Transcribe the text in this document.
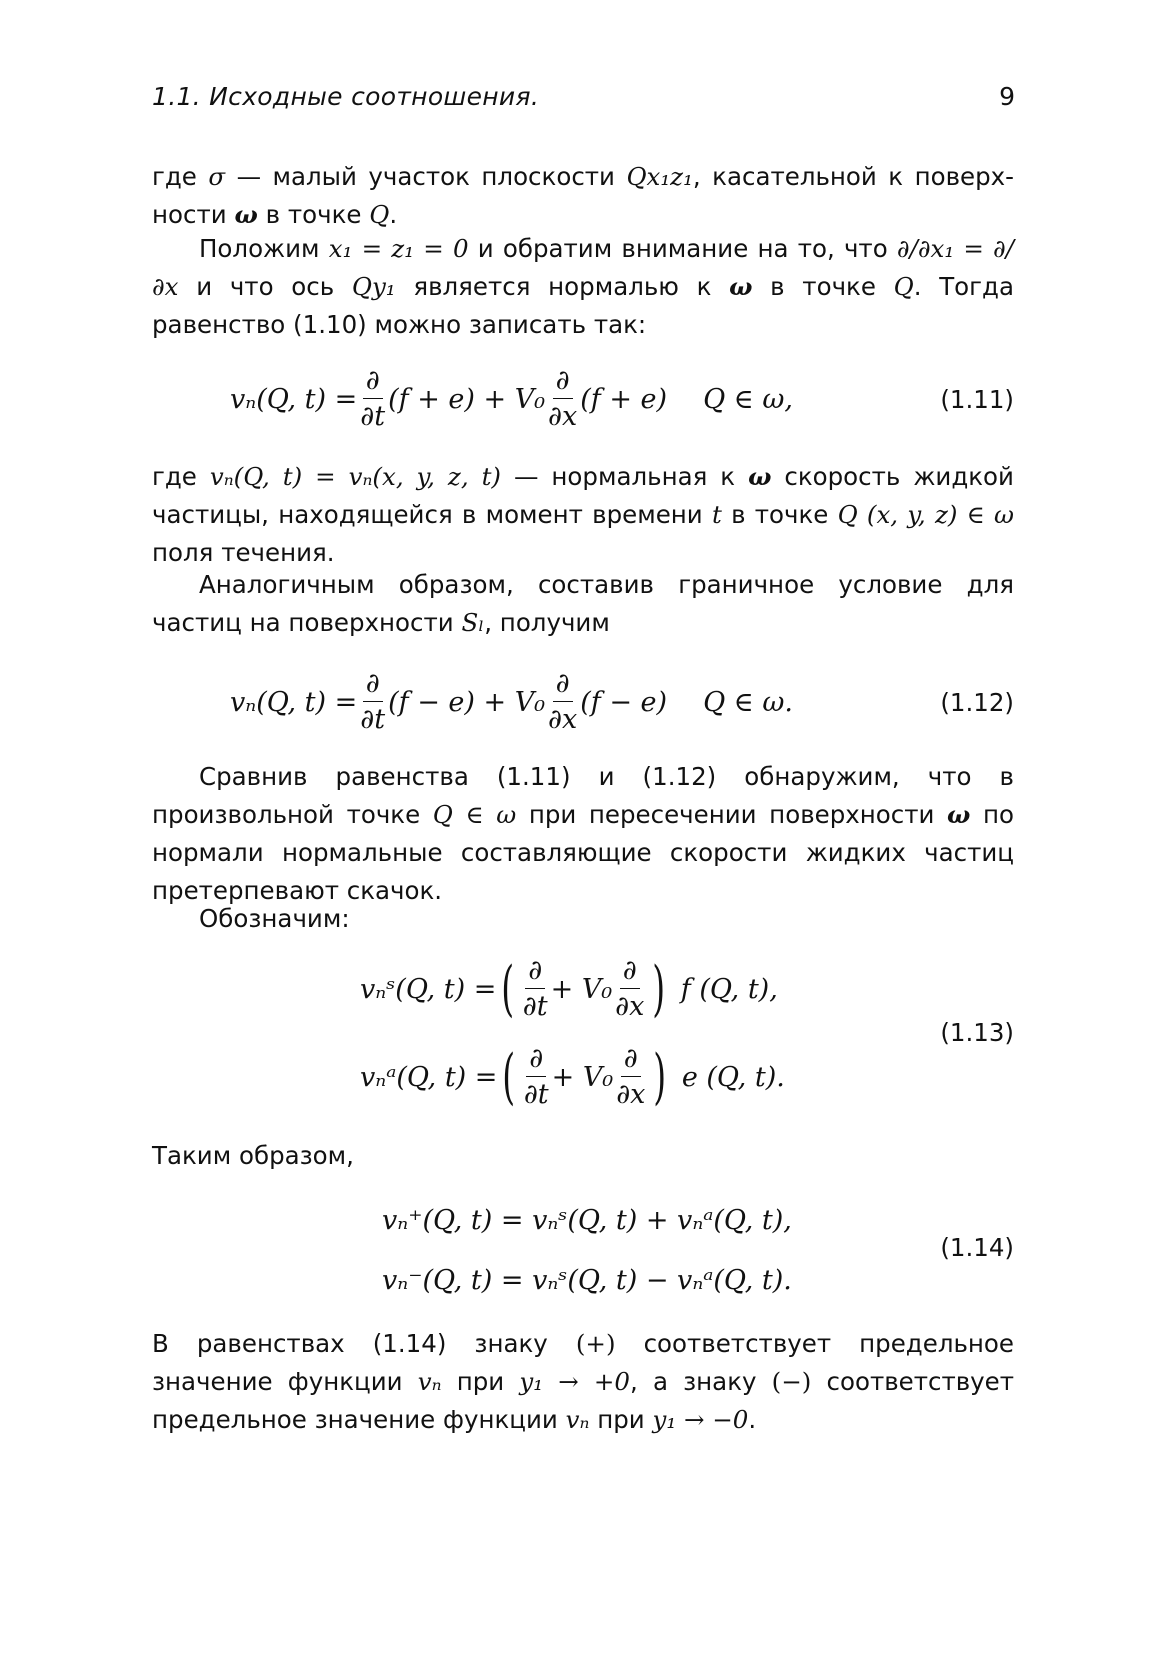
1.1. Исходные соотношения.	9

где σ — малый участок плоскости Qx₁z₁, касательной к поверх-ности ω в точке Q.

Положим x₁ = z₁ = 0 и обратим внимание на то, что ∂/∂x₁ = ∂/∂x и что ось Qy₁ является нормалью к ω в точке Q. Тогда равенство (1.10) можно записать так:

vₙ(Q, $t) = \frac{\partial}{\partial t} (f + e) + V_0 \frac{\partial}{\partial x} (f + e)$ Q ∈ ω,	(1.11)

где vₙ(Q, t) = vₙ(x, y, z, t) — нормальная к ω скорость жидкой частицы, находящейся в момент времени t в точке Q (x, y, z) ∈ ω поля течения.

Аналогичным образом, составив граничное условие для частиц на поверхности Sₗ, получим

vₙ(Q, $t) = \frac{\partial}{\partial t} (f - e) + V_0 \frac{\partial}{\partial x} (f - e)$ Q ∈ ω.	(1.12)

Сравнив равенства (1.11) и (1.12) обнаружим, что в произвольной точке Q ∈ ω при пересечении поверхности ω по нормали нормальные составляющие скорости жидких частиц претерпевают скачок.

Обозначим:

vₙˢ(Q, t) = ( $\frac{\partial}{\partial t} + V_0 \frac{\partial}{\partial x}$ ) f (Q, t),
vₙᵃ(Q, t) = ( $\frac{\partial}{\partial t} + V_0 \frac{\partial}{\partial x}$ ) e (Q, t).
(1.13)

Таким образом,

vₙ⁺(Q, t) = vₙˢ(Q, t) + vₙᵃ(Q, t),
vₙ⁻(Q, t) = vₙˢ(Q, t) − vₙᵃ(Q, t).
(1.14)

В равенствах (1.14) знаку (+) соответствует предельное значение функции vₙ при y₁ → +0, а знаку (−) соответствует предельное значение функции vₙ при y₁ → −0.
